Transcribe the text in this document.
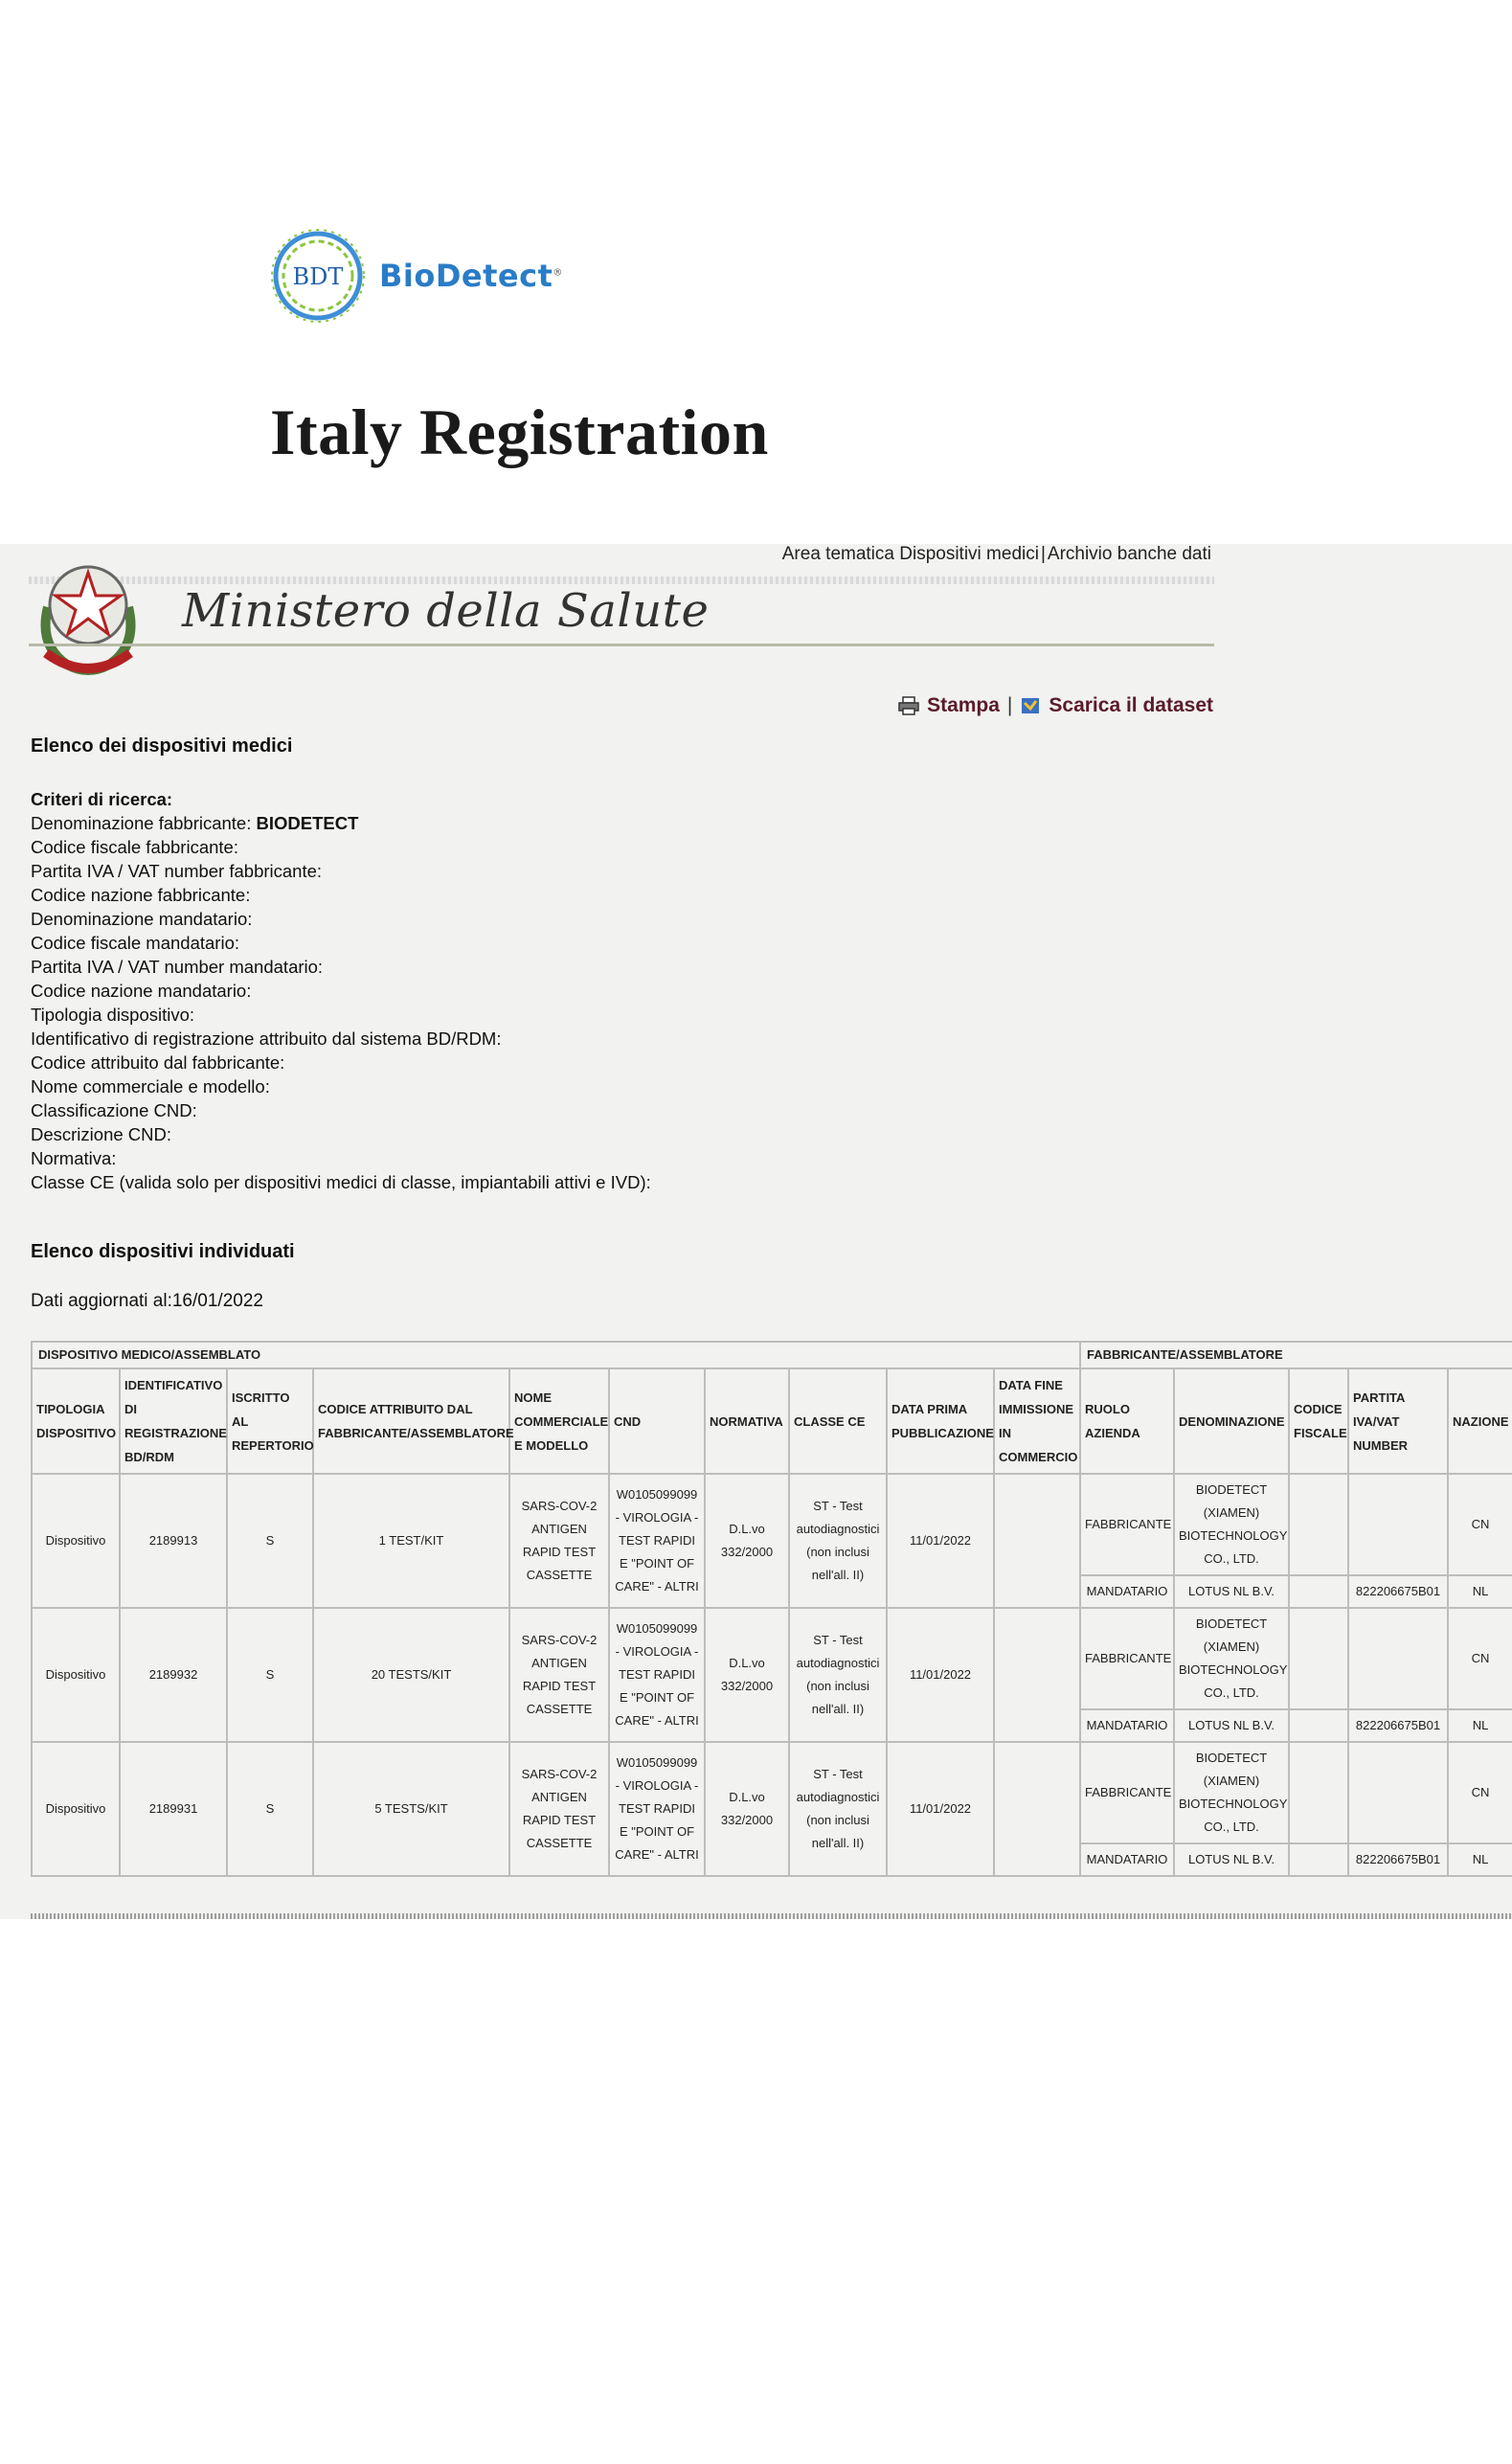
BDT BioDetect®
Italy Registration
Area tematica Dispositivi medici | Archivio banche dati
Ministero della Salute
Stampa | Scarica il dataset
Elenco dei dispositivi medici
Criteri di ricerca:
Denominazione fabbricante: BIODETECT
Codice fiscale fabbricante:
Partita IVA / VAT number fabbricante:
Codice nazione fabbricante:
Denominazione mandatario:
Codice fiscale mandatario:
Partita IVA / VAT number mandatario:
Codice nazione mandatario:
Tipologia dispositivo:
Identificativo di registrazione attribuito dal sistema BD/RDM:
Codice attribuito dal fabbricante:
Nome commerciale e modello:
Classificazione CND:
Descrizione CND:
Normativa:
Classe CE (valida solo per dispositivi medici di classe, impiantabili attivi e IVD):
Elenco dispositivi individuati
Dati aggiornati al:16/01/2022
DISPOSITIVO MEDICO/ASSEMBLATO										FABBRICANTE/ASSEMBLATORE				
TIPOLOGIA DISPOSITIVO	IDENTIFICATIVO DI REGISTRAZIONE BD/RDM	ISCRITTO AL REPERTORIO	CODICE ATTRIBUITO DAL FABBRICANTE/ASSEMBLATORE	NOME COMMERCIALE E MODELLO	CND	NORMATIVA	CLASSE CE	DATA PRIMA PUBBLICAZIONE	DATA FINE IMMISSIONE IN COMMERCIO	RUOLO AZIENDA	DENOMINAZIONE	CODICE FISCALE	PARTITA IVA/VAT NUMBER	NAZIONE
Dispositivo	2189913	S	1 TEST/KIT	SARS-COV-2 ANTIGEN RAPID TEST CASSETTE	W0105099099 - VIROLOGIA - TEST RAPIDI E "POINT OF CARE" - ALTRI	D.L.vo 332/2000	ST - Test autodiagnostici (non inclusi nell'all. II)	11/01/2022		FABBRICANTE	BIODETECT (XIAMEN) BIOTECHNOLOGY CO., LTD.			CN
										MANDATARIO	LOTUS NL B.V.		822206675B01	NL
Dispositivo	2189932	S	20 TESTS/KIT	SARS-COV-2 ANTIGEN RAPID TEST CASSETTE	W0105099099 - VIROLOGIA - TEST RAPIDI E "POINT OF CARE" - ALTRI	D.L.vo 332/2000	ST - Test autodiagnostici (non inclusi nell'all. II)	11/01/2022		FABBRICANTE	BIODETECT (XIAMEN) BIOTECHNOLOGY CO., LTD.			CN
										MANDATARIO	LOTUS NL B.V.		822206675B01	NL
Dispositivo	2189931	S	5 TESTS/KIT	SARS-COV-2 ANTIGEN RAPID TEST CASSETTE	W0105099099 - VIROLOGIA - TEST RAPIDI E "POINT OF CARE" - ALTRI	D.L.vo 332/2000	ST - Test autodiagnostici (non inclusi nell'all. II)	11/01/2022		FABBRICANTE	BIODETECT (XIAMEN) BIOTECHNOLOGY CO., LTD.			CN
										MANDATARIO	LOTUS NL B.V.		822206675B01	NL
